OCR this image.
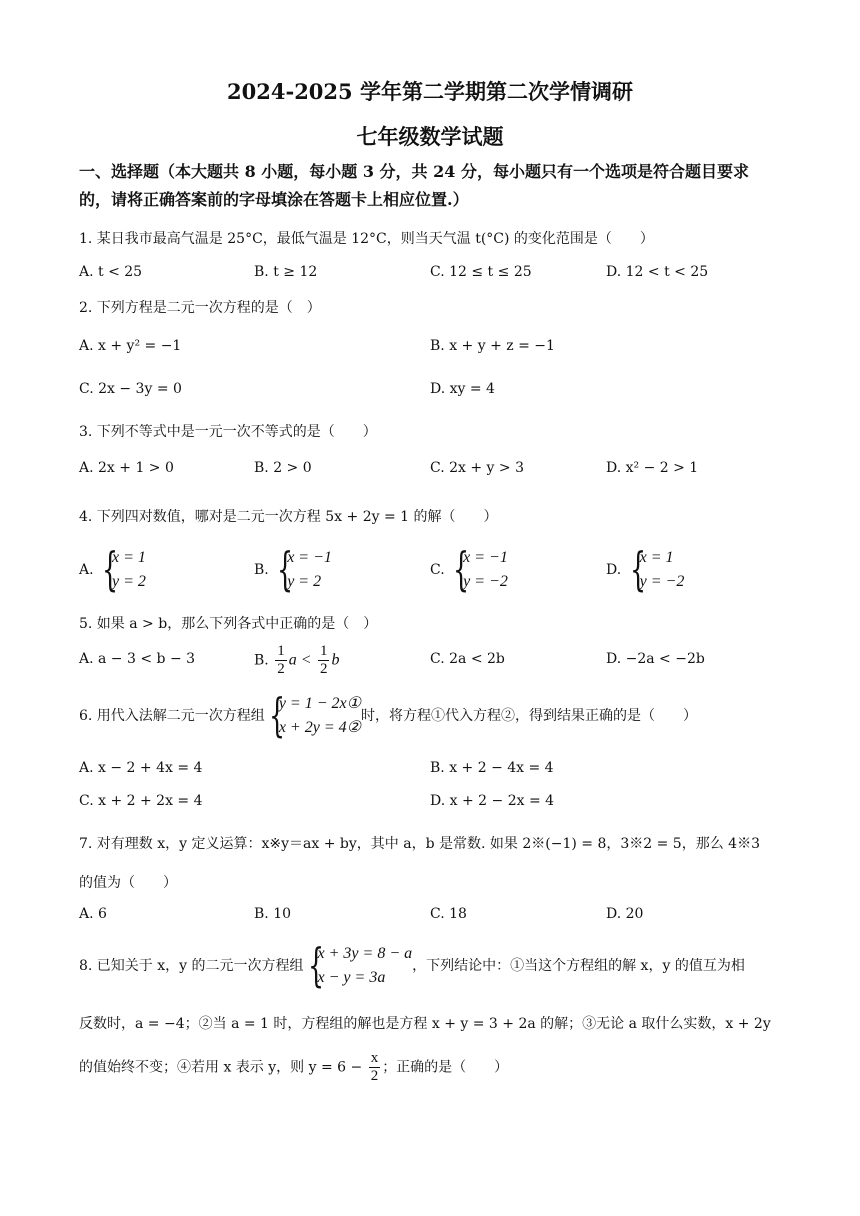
2024-2025 学年第二学期第二次学情调研
七年级数学试题
一、选择题（本大题共 8 小题，每小题 3 分，共 24 分，每小题只有一个选项是符合题目要求
的，请将正确答案前的字母填涂在答题卡上相应位置.）
1. 某日我市最高气温是 25°C，最低气温是 12°C，则当天气温 t(°C) 的变化范围是（　　）
A. t < 25	B. t ≥ 12	C. 12 ≤ t ≤ 25	D. 12 < t < 25
2. 下列方程是二元一次方程的是（　）
A. x + y² = −1	B. x + y + z = −1
C. 2x − 3y = 0	D. xy = 4
3. 下列不等式中是一元一次不等式的是（　　）
A. 2x + 1 > 0	B. 2 > 0	C. 2x + y > 3	D. x² − 2 > 1
4. 下列四对数值，哪对是二元一次方程 5x + 2y = 1 的解（　　）
A. {
x = 1
y = 2
B. {
x = −1
y = 2
C. {
x = −1
y = −2
D. {
x = 1
y = −2
5. 如果 a > b，那么下列各式中正确的是（　）
A. a − 3 < b − 3	B. $\frac{1}{2}$ $a < \frac{1}{2}$ b	C. 2a < 2b	D. −2a < −2b
6. 用代入法解二元一次方程组 {
y = 1 − 2x①
x + 2y = 4②
时，将方程①代入方程②，得到结果正确的是（　　）
A. x − 2 + 4x = 4	B. x + 2 − 4x = 4
C. x + 2 + 2x = 4	D. x + 2 − 2x = 4
7. 对有理数 x，y 定义运算：x※y＝ax + by，其中 a，b 是常数. 如果 2※(−1) = 8，3※2 = 5，那么 4※3
的值为（　　）
A. 6	B. 10	C. 18	D. 20
8. 已知关于 x，y 的二元一次方程组 {
x + 3y = 8 − a
x − y = 3a
，下列结论中：①当这个方程组的解 x，y 的值互为相
反数时，a = −4；②当 a = 1 时，方程组的解也是方程 x + y = 3 + 2a 的解；③无论 a 取什么实数，x + 2y
的值始终不变；④若用 x 表示 y，则 $y = 6 - \frac{x}{2}$ ；正确的是（　　）
